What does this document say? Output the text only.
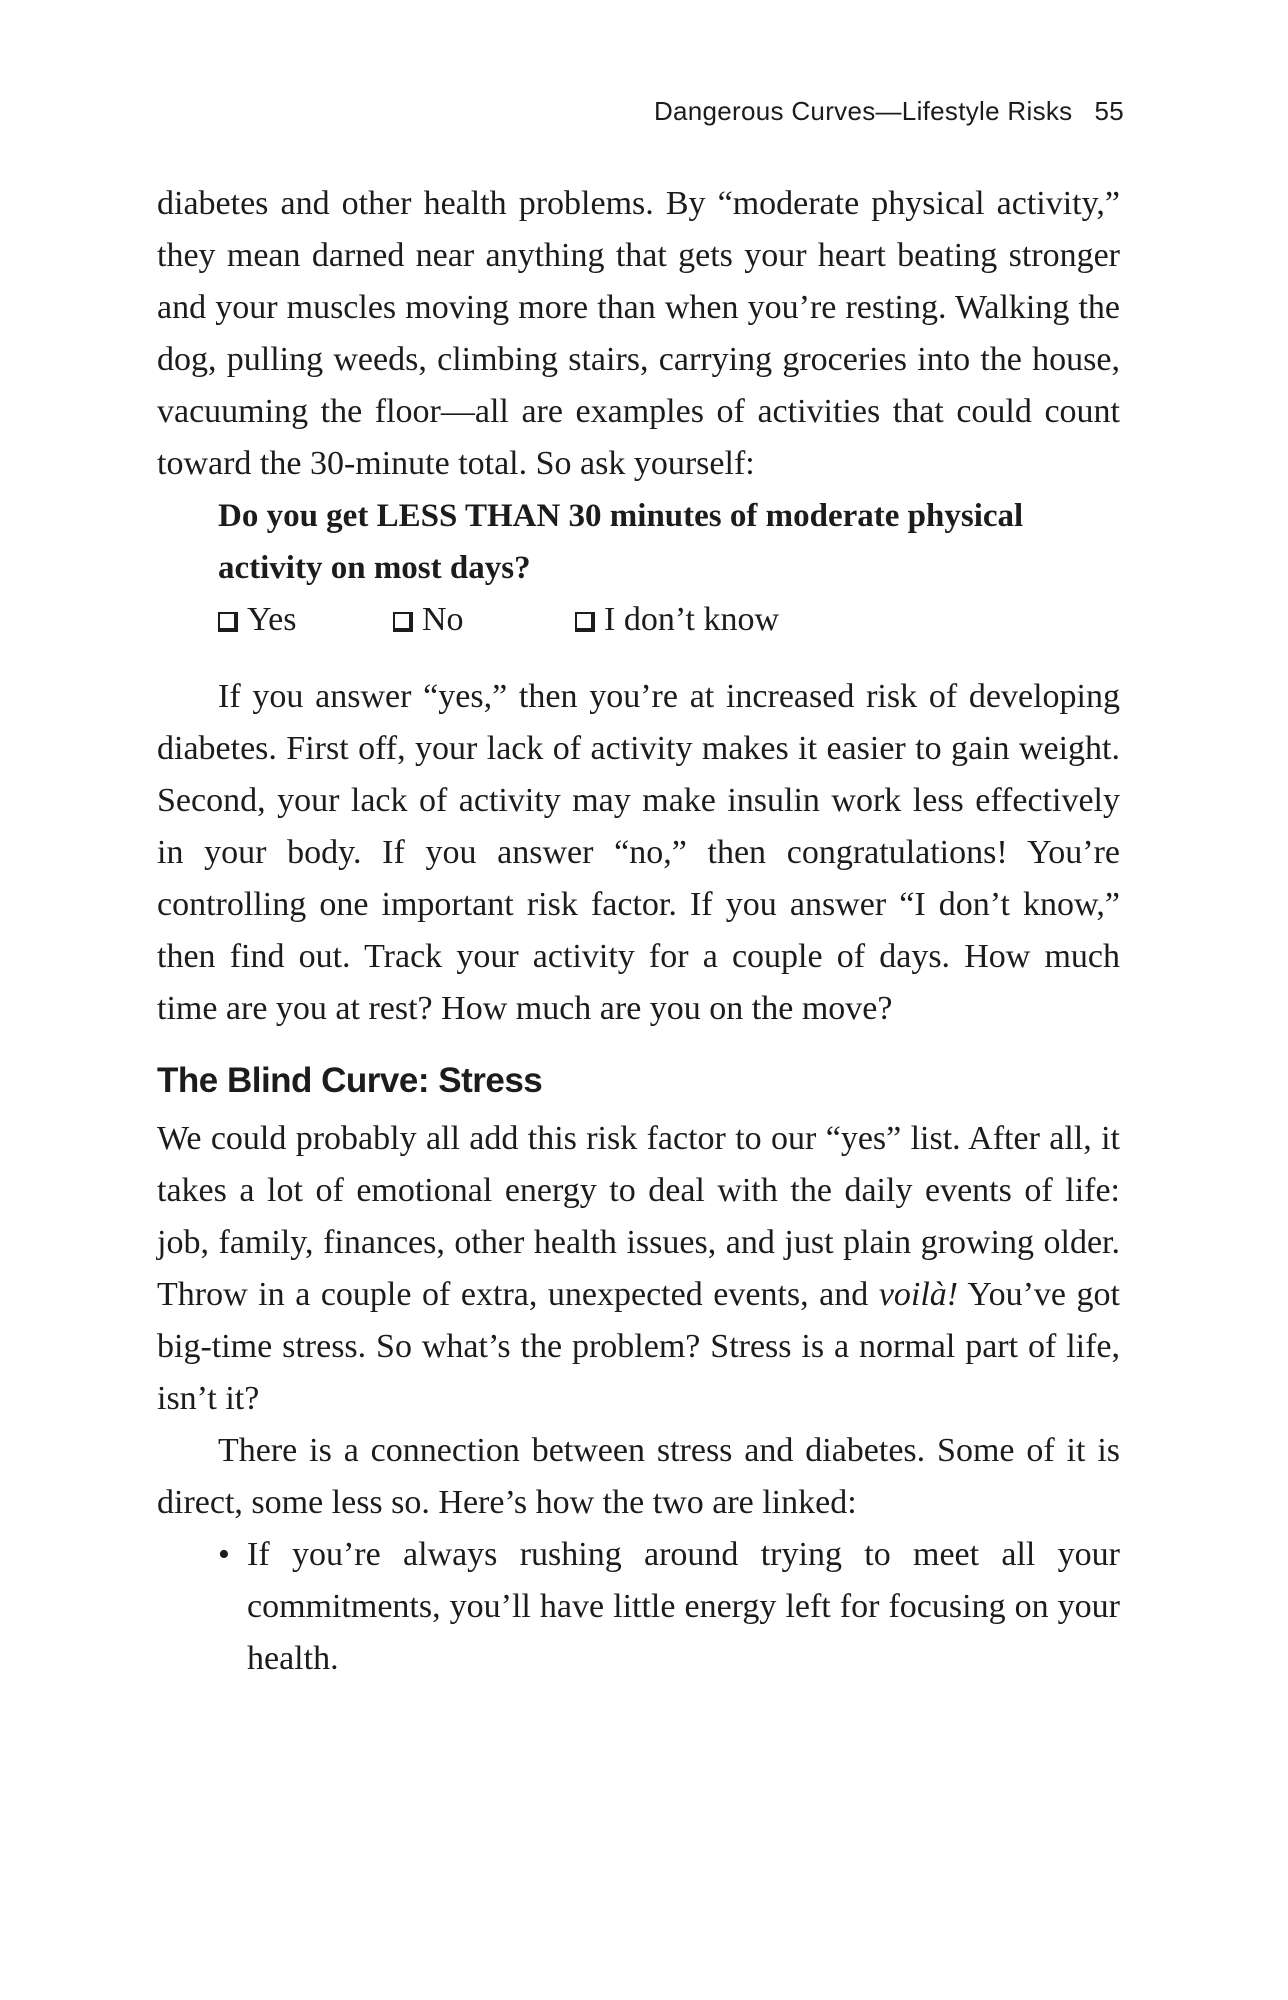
Dangerous Curves—Lifestyle Risks 55

diabetes and other health problems. By “moderate physical activity,” they mean darned near anything that gets your heart beating stronger and your muscles moving more than when you’re resting. Walking the dog, pulling weeds, climbing stairs, carrying groceries into the house, vacuuming the floor—all are examples of activities that could count toward the 30-minute total. So ask yourself:

Do you get LESS THAN 30 minutes of moderate physical activity on most days?
Yes	No	I don’t know

If you answer “yes,” then you’re at increased risk of developing diabetes. First off, your lack of activity makes it easier to gain weight. Second, your lack of activity may make insulin work less effectively in your body. If you answer “no,” then congratulations! You’re controlling one important risk factor. If you answer “I don’t know,” then find out. Track your activity for a couple of days. How much time are you at rest? How much are you on the move?

The Blind Curve: Stress

We could probably all add this risk factor to our “yes” list. After all, it takes a lot of emotional energy to deal with the daily events of life: job, family, finances, other health issues, and just plain growing older. Throw in a couple of extra, unexpected events, and voilà! You’ve got big-time stress. So what’s the problem? Stress is a normal part of life, isn’t it?

There is a connection between stress and diabetes. Some of it is direct, some less so. Here’s how the two are linked:

• If you’re always rushing around trying to meet all your commitments, you’ll have little energy left for focusing on your health.
